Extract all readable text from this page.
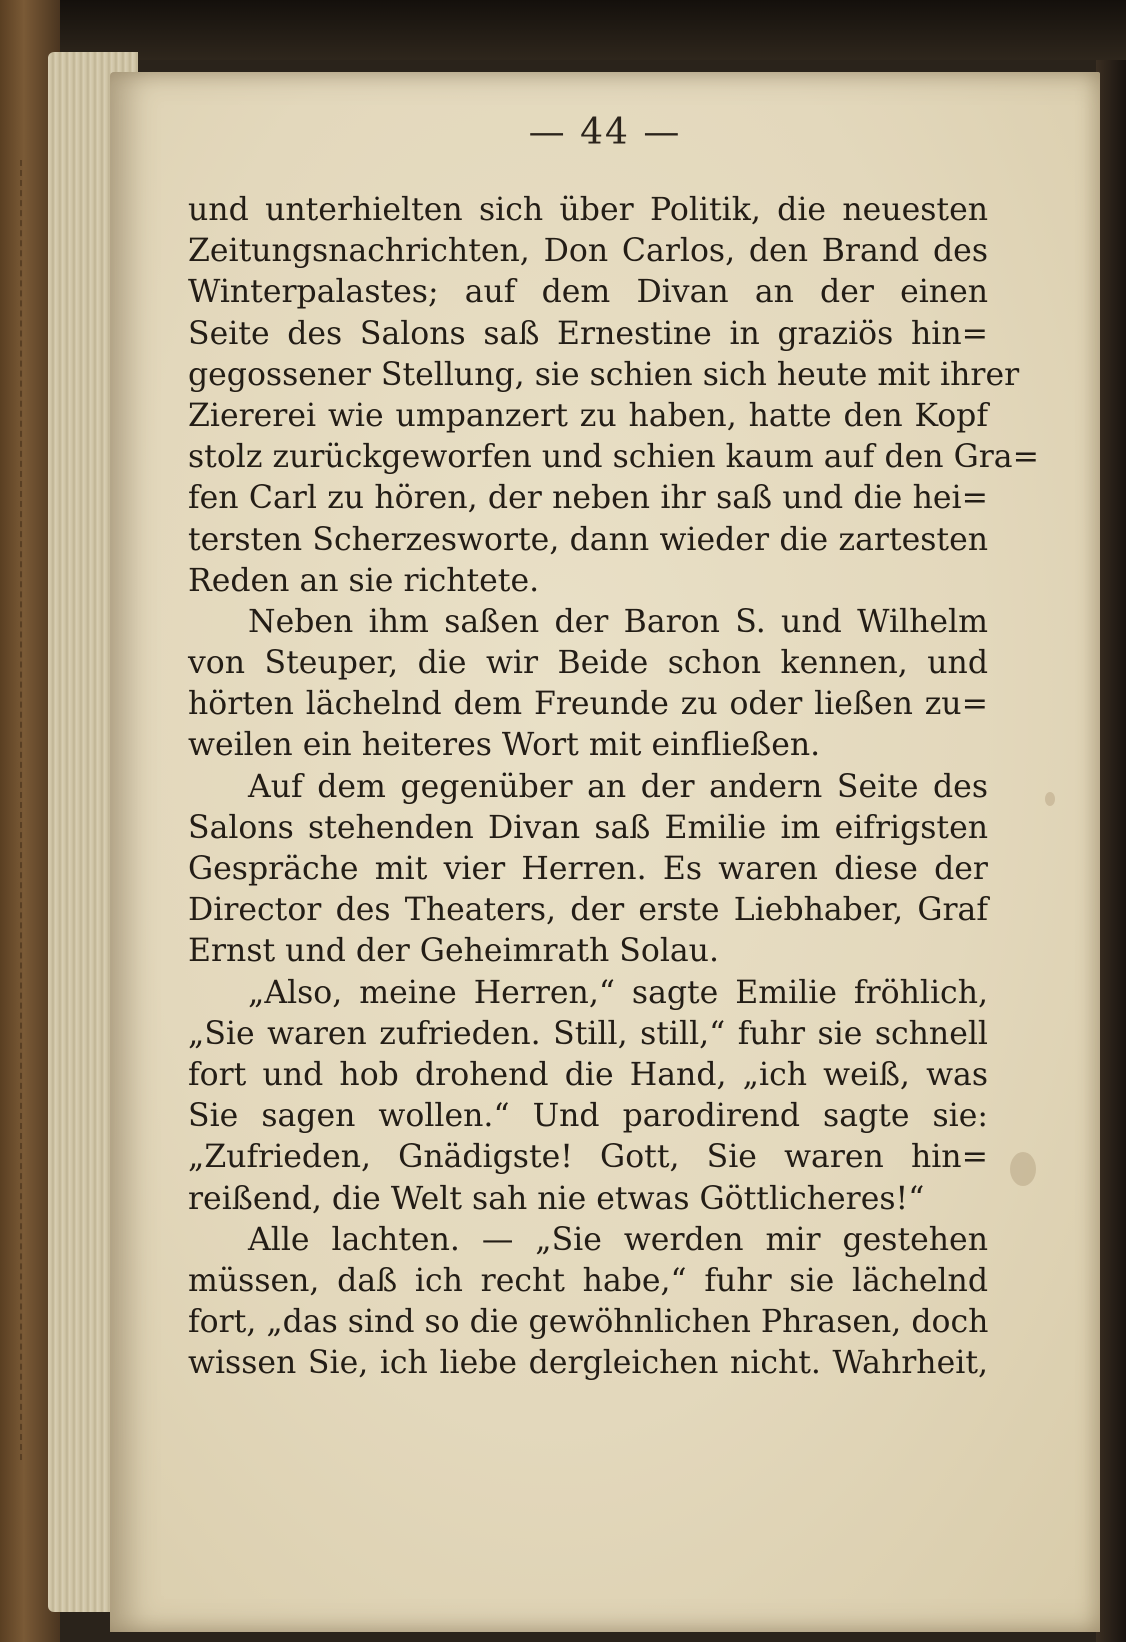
— 44 —
und unterhielten sich über Politik, die neuesten
Zeitungsnachrichten, Don Carlos, den Brand des
Winterpalastes; auf dem Divan an der einen
Seite des Salons saß Ernestine in graziös hin=
gegossener Stellung, sie schien sich heute mit ihrer
Ziererei wie umpanzert zu haben, hatte den Kopf
stolz zurückgeworfen und schien kaum auf den Gra=
fen Carl zu hören, der neben ihr saß und die hei=
tersten Scherzesworte, dann wieder die zartesten
Reden an sie richtete.
Neben ihm saßen der Baron S. und Wilhelm
von Steuper, die wir Beide schon kennen, und
hörten lächelnd dem Freunde zu oder ließen zu=
weilen ein heiteres Wort mit einfließen.
Auf dem gegenüber an der andern Seite des
Salons stehenden Divan saß Emilie im eifrigsten
Gespräche mit vier Herren. Es waren diese der
Director des Theaters, der erste Liebhaber, Graf
Ernst und der Geheimrath Solau.
„Also, meine Herren,“ sagte Emilie fröhlich,
„Sie waren zufrieden. Still, still,“ fuhr sie schnell
fort und hob drohend die Hand, „ich weiß, was
Sie sagen wollen.“ Und parodirend sagte sie:
„Zufrieden, Gnädigste! Gott, Sie waren hin=
reißend, die Welt sah nie etwas Göttlicheres!“
Alle lachten. — „Sie werden mir gestehen
müssen, daß ich recht habe,“ fuhr sie lächelnd
fort, „das sind so die gewöhnlichen Phrasen, doch
wissen Sie, ich liebe dergleichen nicht. Wahrheit,
